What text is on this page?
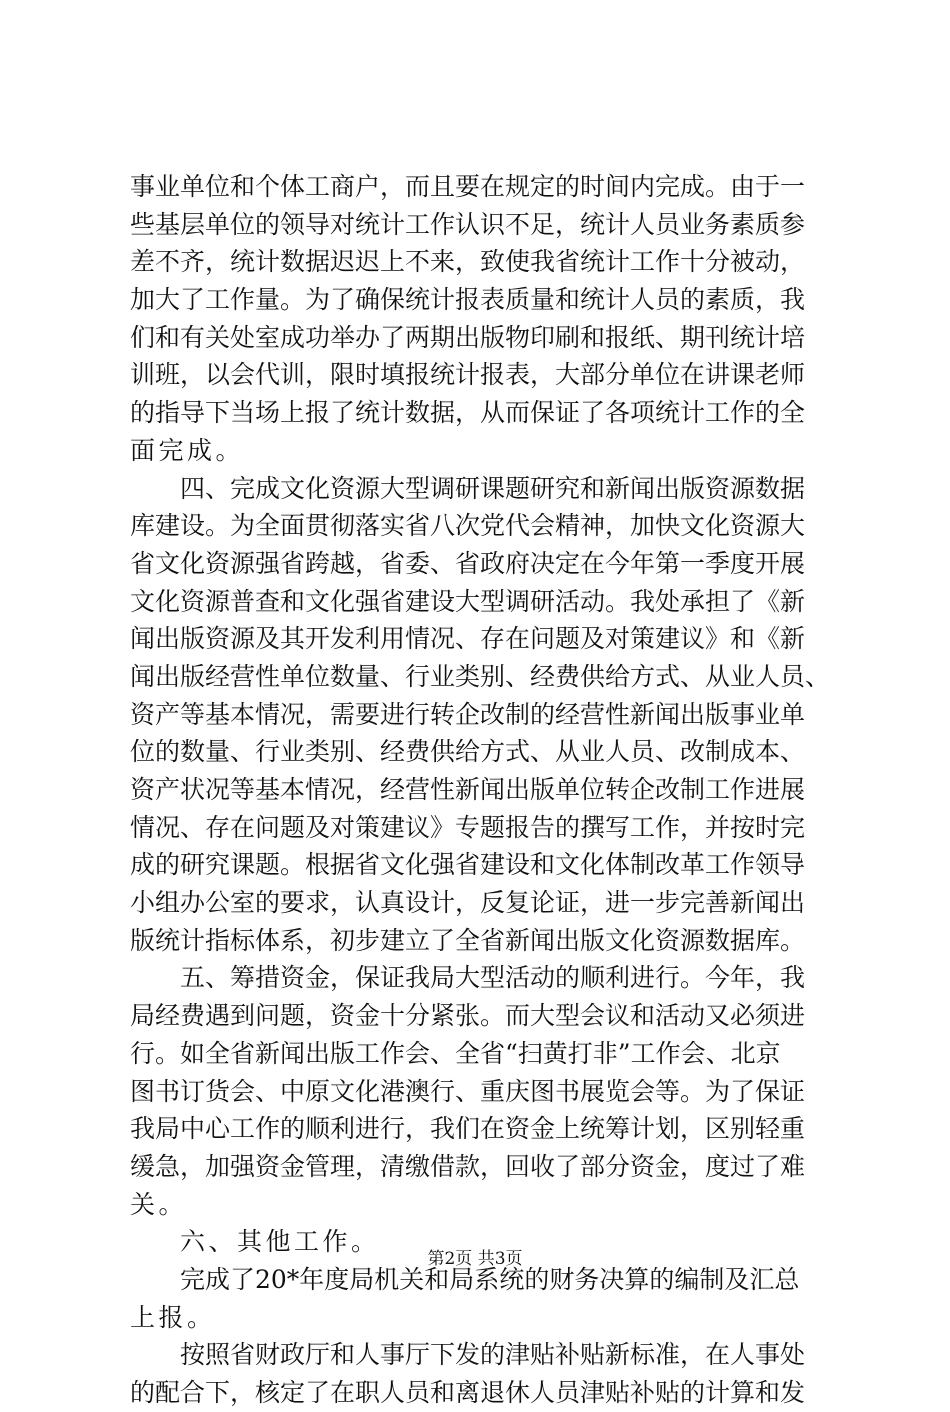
事业单位和个体工商户，而且要在规定的时间内完成。由于一
些基层单位的领导对统计工作认识不足，统计人员业务素质参
差不齐，统计数据迟迟上不来，致使我省统计工作十分被动，
加大了工作量。为了确保统计报表质量和统计人员的素质，我
们和有关处室成功举办了两期出版物印刷和报纸、期刊统计培
训班，以会代训，限时填报统计报表，大部分单位在讲课老师
的指导下当场上报了统计数据，从而保证了各项统计工作的全
面完成。
四、完成文化资源大型调研课题研究和新闻出版资源数据
库建设。为全面贯彻落实省八次党代会精神，加快文化资源大
省文化资源强省跨越，省委、省政府决定在今年第一季度开展
文化资源普查和文化强省建设大型调研活动。我处承担了《新
闻出版资源及其开发利用情况、存在问题及对策建议》和《新
闻出版经营性单位数量、行业类别、经费供给方式、从业人员、
资产等基本情况，需要进行转企改制的经营性新闻出版事业单
位的数量、行业类别、经费供给方式、从业人员、改制成本、
资产状况等基本情况，经营性新闻出版单位转企改制工作进展
情况、存在问题及对策建议》专题报告的撰写工作，并按时完
成的研究课题。根据省文化强省建设和文化体制改革工作领导
小组办公室的要求，认真设计，反复论证，进一步完善新闻出
版统计指标体系，初步建立了全省新闻出版文化资源数据库。
五、筹措资金，保证我局大型活动的顺利进行。今年，我
局经费遇到问题，资金十分紧张。而大型会议和活动又必须进
行。如全省新闻出版工作会、全省“扫黄打非”工作会、北京
图书订货会、中原文化港澳行、重庆图书展览会等。为了保证
我局中心工作的顺利进行，我们在资金上统筹计划，区别轻重
缓急，加强资金管理，清缴借款，回收了部分资金，度过了难
关。
六、其他工作。
完成了20*年度局机关和局系统的财务决算的编制及汇总
上报。
按照省财政厅和人事厅下发的津贴补贴新标准，在人事处
的配合下，核定了在职人员和离退休人员津贴补贴的计算和发
第2页 共3页
